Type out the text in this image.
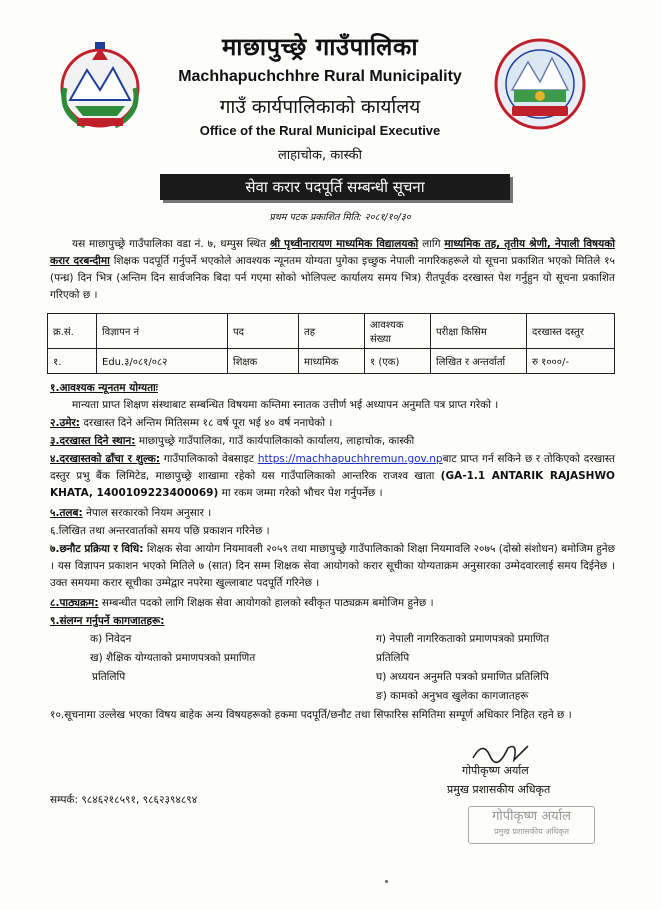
माछापुच्छ्रे गाउँपालिका
Machhapuchchhre Rural Municipality
गाउँ कार्यपालिकाको कार्यालय
Office of the Rural Municipal Executive
लाहाचोक, कास्की
सेवा करार पदपूर्ति सम्बन्धी सूचना
प्रथम पटक प्रकाशित मिति: २०८१/१०/३०
यस माछापुच्छ्रे गाउँपालिका वडा नं. ७, धम्पुस स्थित श्री पृथ्वीनारायण माध्यमिक विद्यालयको लागि माध्यमिक तह, तृतीय श्रेणी, नेपाली विषयको करार दरबन्दीमा शिक्षक पदपूर्ति गर्नुपर्ने भएकोले आवश्यक न्यूनतम योग्यता पुगेका इच्छुक नेपाली नागरिकहरूले यो सूचना प्रकाशित भएको मितिले १५ (पन्ध्र) दिन भित्र (अन्तिम दिन सार्वजनिक बिदा पर्न गएमा सोको भोलिपल्ट कार्यालय समय भित्र) रीतपूर्वक दरखास्त पेश गर्नुहुन यो सूचना प्रकाशित गरिएको छ ।
क्र.सं.	विज्ञापन नं	पद	तह	आवश्यक संख्या	परीक्षा किसिम	दरखास्त दस्तुर
१.	Edu.३/०८१/०८२	शिक्षक	माध्यमिक	१ (एक)	लिखित र अन्तर्वार्ता	रु १०००/-
१.आवश्यक न्यूनतम योग्यताः
मान्यता प्राप्त शिक्षण संस्थाबाट सम्बन्धित विषयमा कम्तिमा स्नातक उत्तीर्ण भई अध्यापन अनुमति पत्र प्राप्त गरेको ।
२.उमेर: दरखास्त दिने अन्तिम मितिसम्म १८ वर्ष पूरा भई ४० वर्ष ननाघेको ।
३.दरखास्त दिने स्थान: माछापुच्छ्रे गाउँपालिका, गाउँ कार्यपालिकाको कार्यालय, लाहाचोक, कास्की
४.दरखास्तको ढाँचा र शुल्क: गाउँपालिकाको वेबसाइट https://machhapuchhremun.gov.npबाट प्राप्त गर्न सकिने छ र तोकिएको दरखास्त दस्तुर प्रभु बैंक लिमिटेड, माछापुच्छ्रे शाखामा रहेको यस गाउँपालिकाको आन्तरिक राजश्व खाता (GA-1.1 ANTARIK RAJASHWO KHATA, 1400109223400069) मा रकम जम्मा गरेको भौचर पेश गर्नुपर्नेछ ।
५.तलब: नेपाल सरकारको नियम अनुसार ।
६.लिखित तथा अन्तरवार्ताको समय पछि प्रकाशन गरिनेछ ।
७.छनौट प्रक्रिया र विधि: शिक्षक सेवा आयोग नियमावली २०५९ तथा माछापुच्छ्रे गाउँपालिकाको शिक्षा नियमावलि २०७५ (दोस्रो संशोधन) बमोजिम हुनेछ । यस विज्ञापन प्रकाशन भएको मितिले ७ (सात) दिन सम्म शिक्षक सेवा आयोगको करार सूचीका योग्यताक्रम अनुसारका उम्मेदवारलाई समय दिईनेछ । उक्त समयमा करार सूचीका उम्मेद्वार नपरेमा खुल्लाबाट पदपूर्ति गरिनेछ ।
८.पाठ्यक्रम: सम्बन्धीत पदको लागि शिक्षक सेवा आयोगको हालको स्वीकृत पाठ्यक्रम बमोजिम हुनेछ ।
९.संलग्न गर्नुपर्ने कागजातहरू:
क) निवेदन
ख) शैक्षिक योग्यताको प्रमाणपत्रको प्रमाणित
प्रतिलिपि
ग) नेपाली नागरिकताको प्रमाणपत्रको प्रमाणित
प्रतिलिपि
घ) अध्ययन अनुमति पत्रको प्रमाणित प्रतिलिपि
ङ) कामको अनुभव खुलेका कागजातहरू
१०.सूचनामा उल्लेख भएका विषय बाहेक अन्य विषयहरूको हकमा पदपूर्ति/छनौट तथा सिफारिस समितिमा सम्पूर्ण अधिकार निहित रहने छ ।
गोपीकृष्ण अर्याल
प्रमुख प्रशासकीय अधिकृत
सम्पर्क: ९८४६२१८५९१, ९८६२३९४८९४
गोपीकृष्ण अर्याल
प्रमुख प्रशासकीय अधिकृत
